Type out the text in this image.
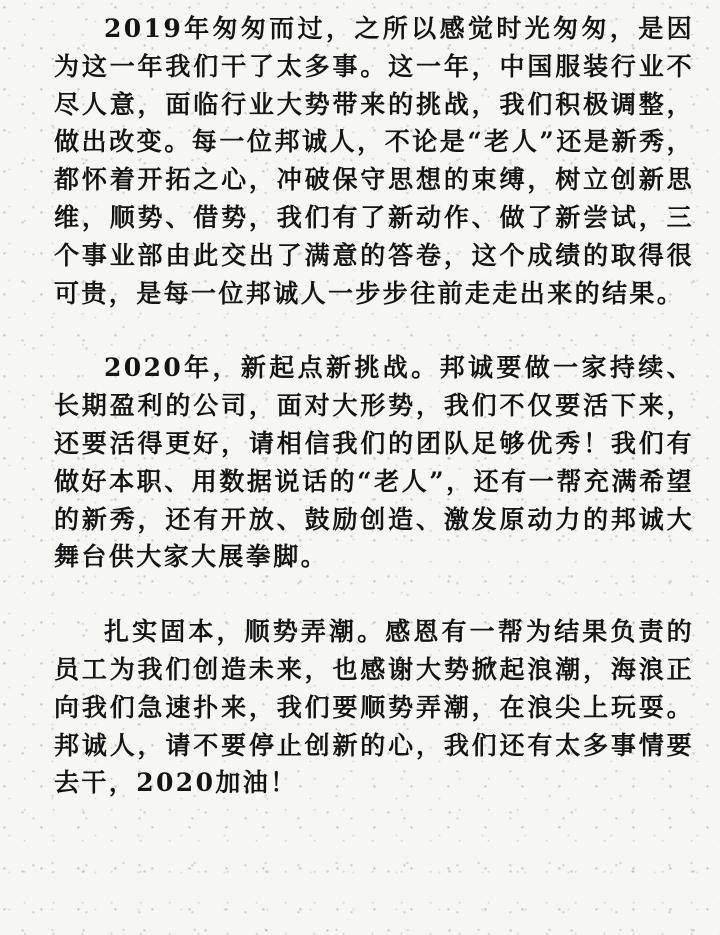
2019年匆匆而过，之所以感觉时光匆匆，是因为这一年我们干了太多事。这一年，中国服装行业不尽人意，面临行业大势带来的挑战，我们积极调整，做出改变。每一位邦诚人，不论是“老人”还是新秀，都怀着开拓之心，冲破保守思想的束缚，树立创新思维，顺势、借势，我们有了新动作、做了新尝试，三个事业部由此交出了满意的答卷，这个成绩的取得很可贵，是每一位邦诚人一步步往前走走出来的结果。

2020年，新起点新挑战。邦诚要做一家持续、长期盈利的公司，面对大形势，我们不仅要活下来，还要活得更好，请相信我们的团队足够优秀！我们有做好本职、用数据说话的“老人”，还有一帮充满希望的新秀，还有开放、鼓励创造、激发原动力的邦诚大舞台供大家大展拳脚。

扎实固本，顺势弄潮。感恩有一帮为结果负责的员工为我们创造未来，也感谢大势掀起浪潮，海浪正向我们急速扑来，我们要顺势弄潮，在浪尖上玩耍。邦诚人，请不要停止创新的心，我们还有太多事情要去干，2020加油！
